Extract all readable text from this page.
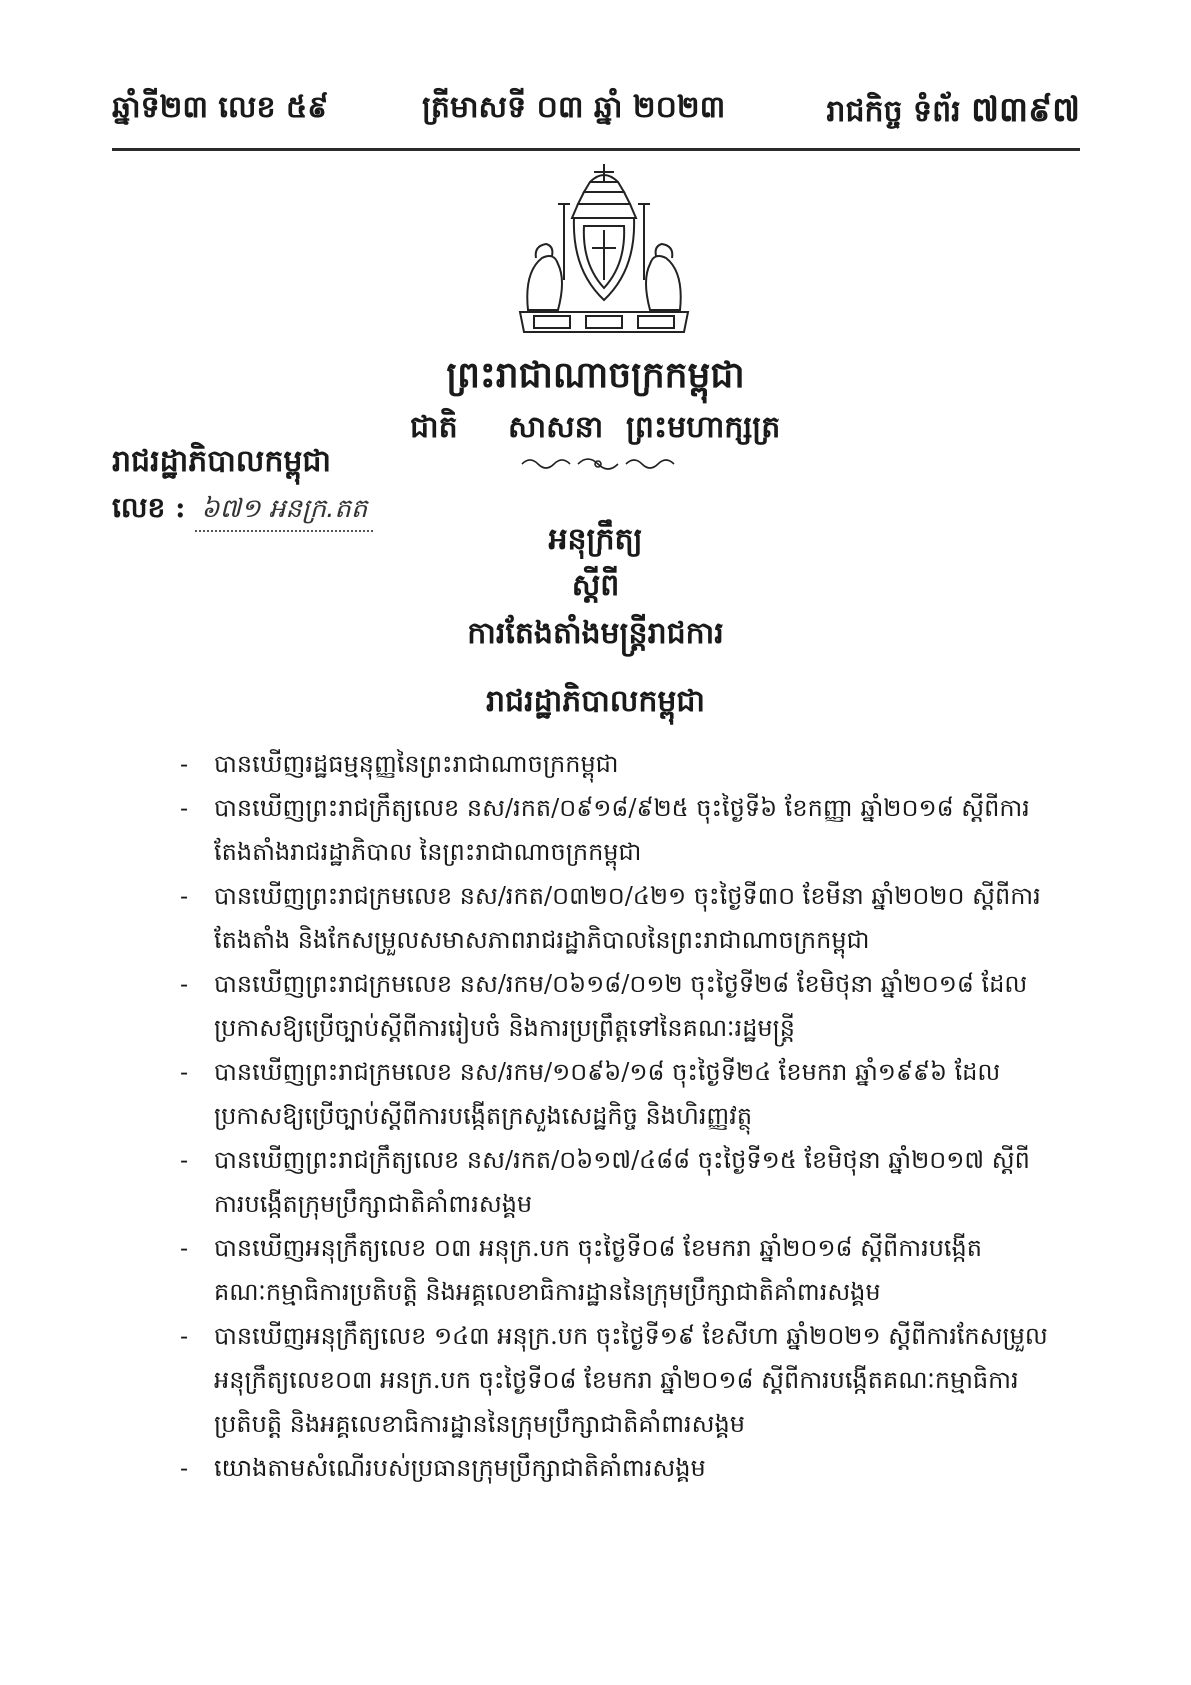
ឆ្នាំទី២៣ លេខ ៥៩	ត្រីមាសទី ០៣ ឆ្នាំ ២០២៣	រាជកិច្ច ទំព័រ ៧៣៩៧
ព្រះរាជាណាចក្រកម្ពុជា
ជាតិ សាសនា ព្រះមហាក្សត្រ
រាជរដ្ឋាភិបាលកម្ពុជា
លេខ : ៦៧១ អនក្រ.តត
អនុក្រឹត្យ
ស្តីពី
ការតែងតាំងមន្ត្រីរាជការ
រាជរដ្ឋាភិបាលកម្ពុជា
- បានឃើញរដ្ឋធម្មនុញ្ញនៃព្រះរាជាណាចក្រកម្ពុជា
- បានឃើញព្រះរាជក្រឹត្យលេខ នស/រកត/០៩១៨/៩២៥ ចុះថ្ងៃទី៦ ខែកញ្ញា ឆ្នាំ២០១៨ ស្តីពីការតែងតាំងរាជរដ្ឋាភិបាល នៃព្រះរាជាណាចក្រកម្ពុជា
- បានឃើញព្រះរាជក្រមលេខ នស/រកត/០៣២០/៤២១ ចុះថ្ងៃទី៣០ ខែមីនា ឆ្នាំ២០២០ ស្តីពីការតែងតាំង និងកែសម្រួលសមាសភាពរាជរដ្ឋាភិបាលនៃព្រះរាជាណាចក្រកម្ពុជា
- បានឃើញព្រះរាជក្រមលេខ នស/រកម/០៦១៨/០១២ ចុះថ្ងៃទី២៨ ខែមិថុនា ឆ្នាំ២០១៨ ដែលប្រកាសឱ្យប្រើច្បាប់ស្តីពីការរៀបចំ និងការប្រព្រឹត្តទៅនៃគណៈរដ្ឋមន្ត្រី
- បានឃើញព្រះរាជក្រមលេខ នស/រកម/១០៩៦/១៨ ចុះថ្ងៃទី២៤ ខែមករា ឆ្នាំ១៩៩៦ ដែលប្រកាសឱ្យប្រើច្បាប់ស្តីពីការបង្កើតក្រសួងសេដ្ឋកិច្ច និងហិរញ្ញវត្ថុ
- បានឃើញព្រះរាជក្រឹត្យលេខ នស/រកត/០៦១៧/៤៨៨ ចុះថ្ងៃទី១៥ ខែមិថុនា ឆ្នាំ២០១៧ ស្តីពីការបង្កើតក្រុមប្រឹក្សាជាតិគាំពារសង្គម
- បានឃើញអនុក្រឹត្យលេខ ០៣ អនុក្រ.បក ចុះថ្ងៃទី០៨ ខែមករា ឆ្នាំ២០១៨ ស្តីពីការបង្កើតគណៈកម្មាធិការប្រតិបត្តិ និងអគ្គលេខាធិការដ្ឋាននៃក្រុមប្រឹក្សាជាតិគាំពារសង្គម
- បានឃើញអនុក្រឹត្យលេខ ១៤៣ អនុក្រ.បក ចុះថ្ងៃទី១៩ ខែសីហា ឆ្នាំ២០២១ ស្តីពីការកែសម្រួលអនុក្រឹត្យលេខ០៣ អនក្រ.បក ចុះថ្ងៃទី០៨ ខែមករា ឆ្នាំ២០១៨ ស្តីពីការបង្កើតគណៈកម្មាធិការប្រតិបត្តិ និងអគ្គលេខាធិការដ្ឋាននៃក្រុមប្រឹក្សាជាតិគាំពារសង្គម
- យោងតាមសំណើរបស់ប្រធានក្រុមប្រឹក្សាជាតិគាំពារសង្គម
